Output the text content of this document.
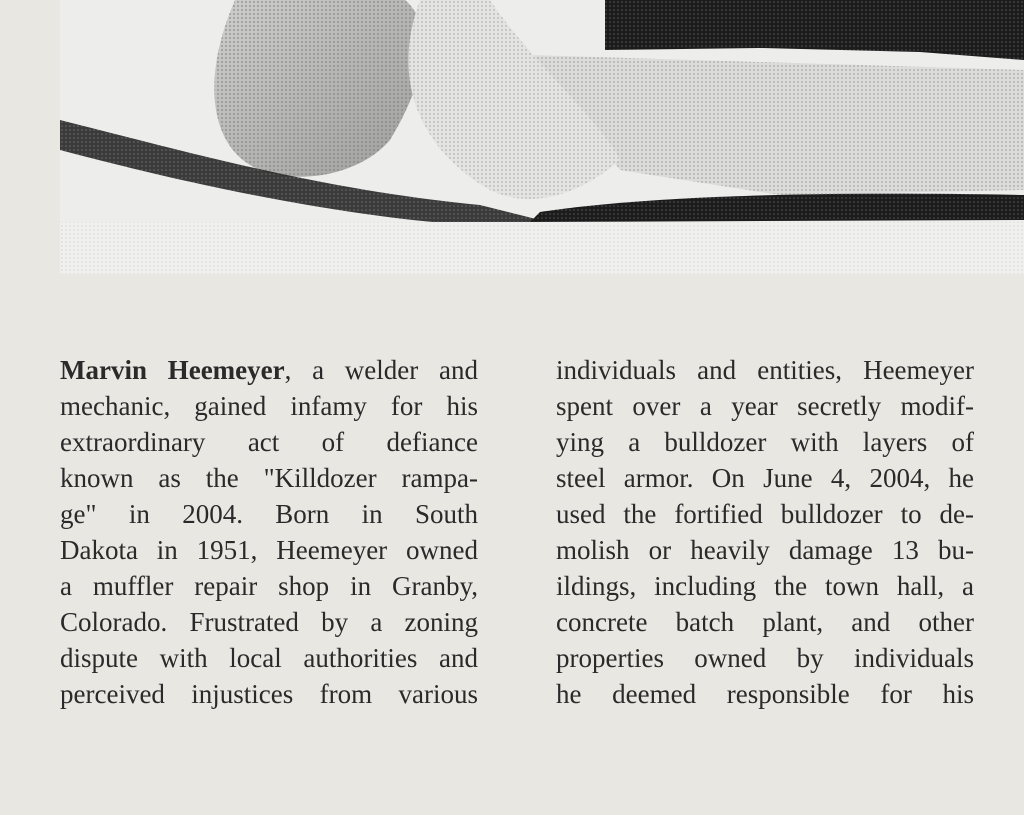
Marvin Heemeyer, a welder and
mechanic, gained infamy for his
extraordinary act of defiance
known as the "Killdozer rampa-
ge" in 2004. Born in South
Dakota in 1951, Heemeyer owned
a muffler repair shop in Granby,
Colorado. Frustrated by a zoning
dispute with local authorities and
perceived injustices from various
individuals and entities, Heemeyer
spent over a year secretly modif-
ying a bulldozer with layers of
steel armor. On June 4, 2004, he
used the fortified bulldozer to de-
molish or heavily damage 13 bu-
ildings, including the town hall, a
concrete batch plant, and other
properties owned by individuals
he deemed responsible for his
